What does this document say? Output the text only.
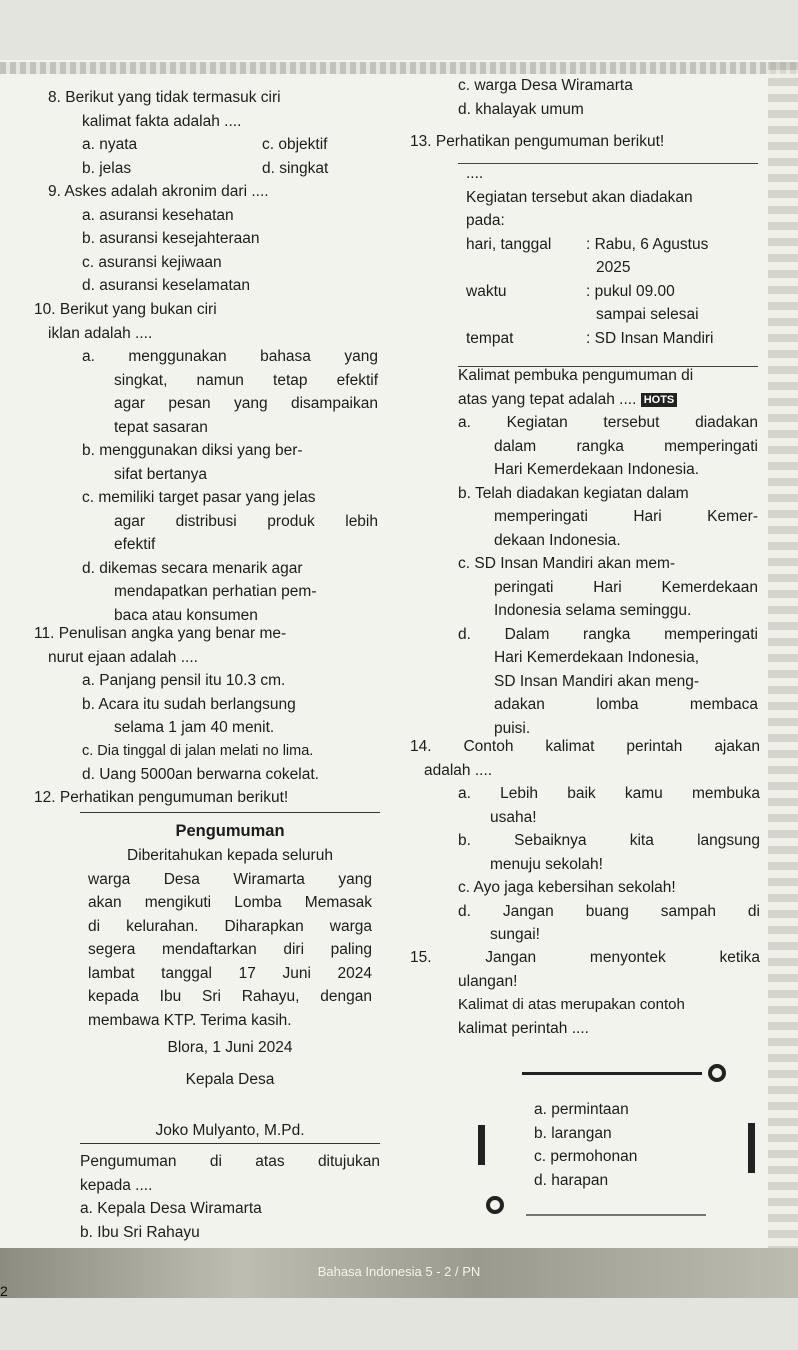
8. Berikut yang tidak termasuk ciri

kalimat fakta adalah ....

a. nyata	c. objektif
b. jelas	d. singkat

c. warga Desa Wiramarta

d. khalayak umum

9. Askes adalah akronim dari ....

a. asuransi kesehatan

b. asuransi kesejahteraan

c. asuransi kejiwaan

d. asuransi keselamatan

10. Berikut yang bukan ciri

iklan adalah ....

a. menggunakan bahasa yang

singkat, namun tetap efektif

agar pesan yang disampaikan

tepat sasaran

b. menggunakan diksi yang ber-

sifat bertanya

c. memiliki target pasar yang jelas

agar distribusi produk lebih

efektif

d. dikemas secara menarik agar

mendapatkan perhatian pem-

baca atau konsumen

11. Penulisan angka yang benar me-

nurut ejaan adalah ....

a. Panjang pensil itu 10.3 cm.

b. Acara itu sudah berlangsung

selama 1 jam 40 menit.

c. Dia tinggal di jalan melati no lima.

d. Uang 5000an berwarna cokelat.

12. Perhatikan pengumuman berikut!

Pengumuman

Diberitahukan kepada seluruh

warga Desa Wiramarta yang

akan mengikuti Lomba Memasak

di kelurahan. Diharapkan warga

segera mendaftarkan diri paling

lambat tanggal 17 Juni 2024

kepada Ibu Sri Rahayu, dengan

membawa KTP. Terima kasih.

Blora, 1 Juni 2024

Kepala Desa

Joko Mulyanto, M.Pd.

Pengumuman di atas ditujukan

kepada ....

a. Kepala Desa Wiramarta

b. Ibu Sri Rahayu

13. Perhatikan pengumuman berikut!

....

Kegiatan tersebut akan diadakan

pada:

hari, tanggal	: Rabu, 6 Agustus

2025

waktu	: pukul 09.00

sampai selesai

tempat	: SD Insan Mandiri

Kalimat pembuka pengumuman di

atas yang tepat adalah .... HOTS

a. Kegiatan tersebut diadakan

dalam rangka memperingati

Hari Kemerdekaan Indonesia.

b. Telah diadakan kegiatan dalam

memperingati Hari Kemer-

dekaan Indonesia.

c. SD Insan Mandiri akan mem-

peringati Hari Kemerdekaan

Indonesia selama seminggu.

d. Dalam rangka memperingati

Hari Kemerdekaan Indonesia,

SD Insan Mandiri akan meng-

adakan lomba membaca

puisi.

14. Contoh kalimat perintah ajakan

adalah ....

a. Lebih baik kamu membuka

usaha!

b. Sebaiknya kita langsung

menuju sekolah!

c. Ayo jaga kebersihan sekolah!

d. Jangan buang sampah di

sungai!

15. Jangan menyontek ketika

ulangan!

Kalimat di atas merupakan contoh

kalimat perintah ....

a. permintaan

b. larangan

c. permohonan

d. harapan

Bahasa Indonesia 5 - 2 / PN
2
